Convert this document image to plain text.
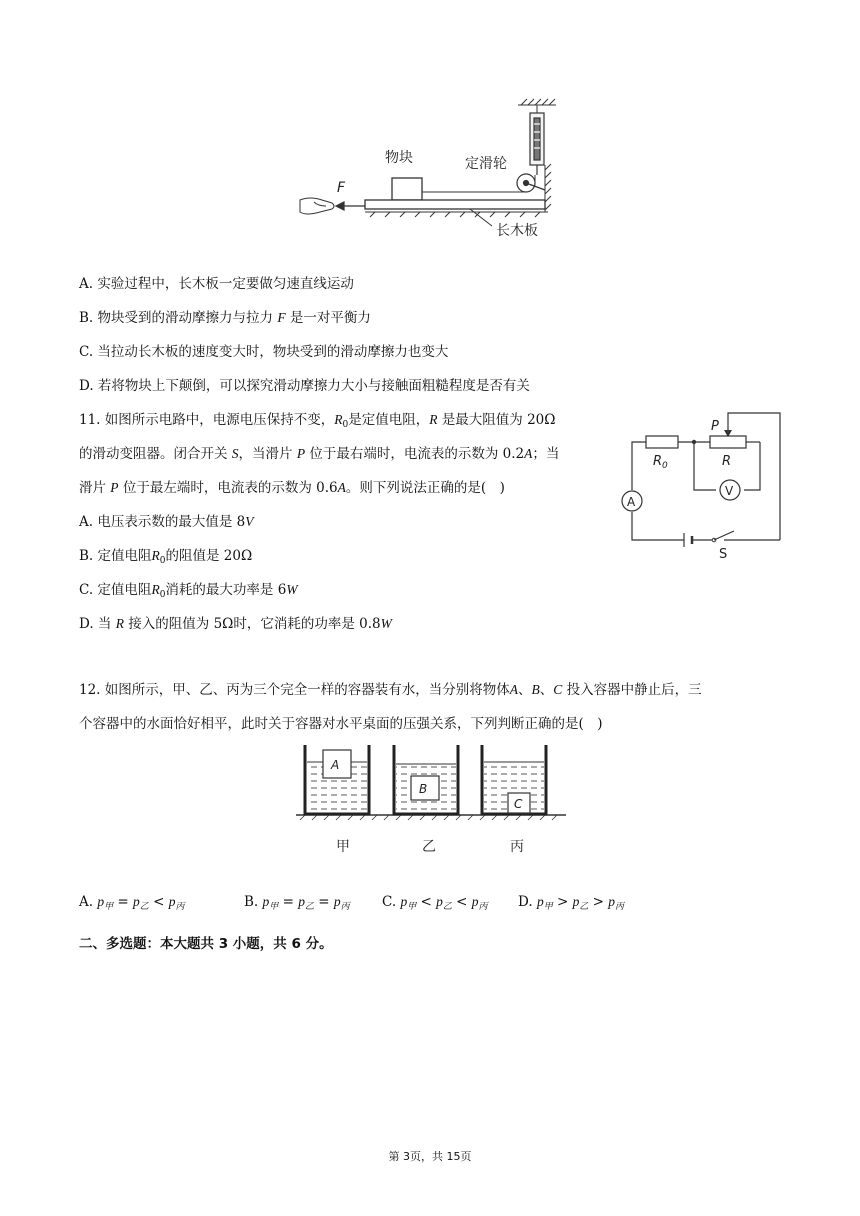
物块	定滑轮
长木板
F
A. 实验过程中，长木板一定要做匀速直线运动
B. 物块受到的滑动摩擦力与拉力 F 是一对平衡力
C. 当拉动长木板的速度变大时，物块受到的滑动摩擦力也变大
D. 若将物块上下颠倒，可以探究滑动摩擦力大小与接触面粗糙程度是否有关
11. 如图所示电路中，电源电压保持不变，$R_0$是定值电阻，R 是最大阻值为 20Ω
的滑动变阻器。闭合开关 S，当滑片 P 位于最右端时，电流表的示数为 0.2A；当
滑片 P 位于最左端时，电流表的示数为 0.6A。则下列说法正确的是(　)
A. 电压表示数的最大值是 8V
B. 定值电阻$R_0$的阻值是 20Ω
C. 定值电阻$R_0$消耗的最大功率是 6W
D. 当 R 接入的阻值为 5Ω时，它消耗的功率是 0.8W
$R_0$	R
P
A
V
S
12. 如图所示，甲、乙、丙为三个完全一样的容器装有水，当分别将物体A、B、C 投入容器中静止后，三
个容器中的水面恰好相平，此时关于容器对水平桌面的压强关系，下列判断正确的是(　)
A
B
C
甲	乙	丙
A. $p_甲 = p_乙 < p_丙$	B. $p_甲 = p_乙 = p_丙$ C. $p_甲 < p_乙 < p_丙$ D. $p_甲 > p_乙 > p_丙$
二、多选题：本大题共 3 小题，共 6 分。
第 3页，共 15页
